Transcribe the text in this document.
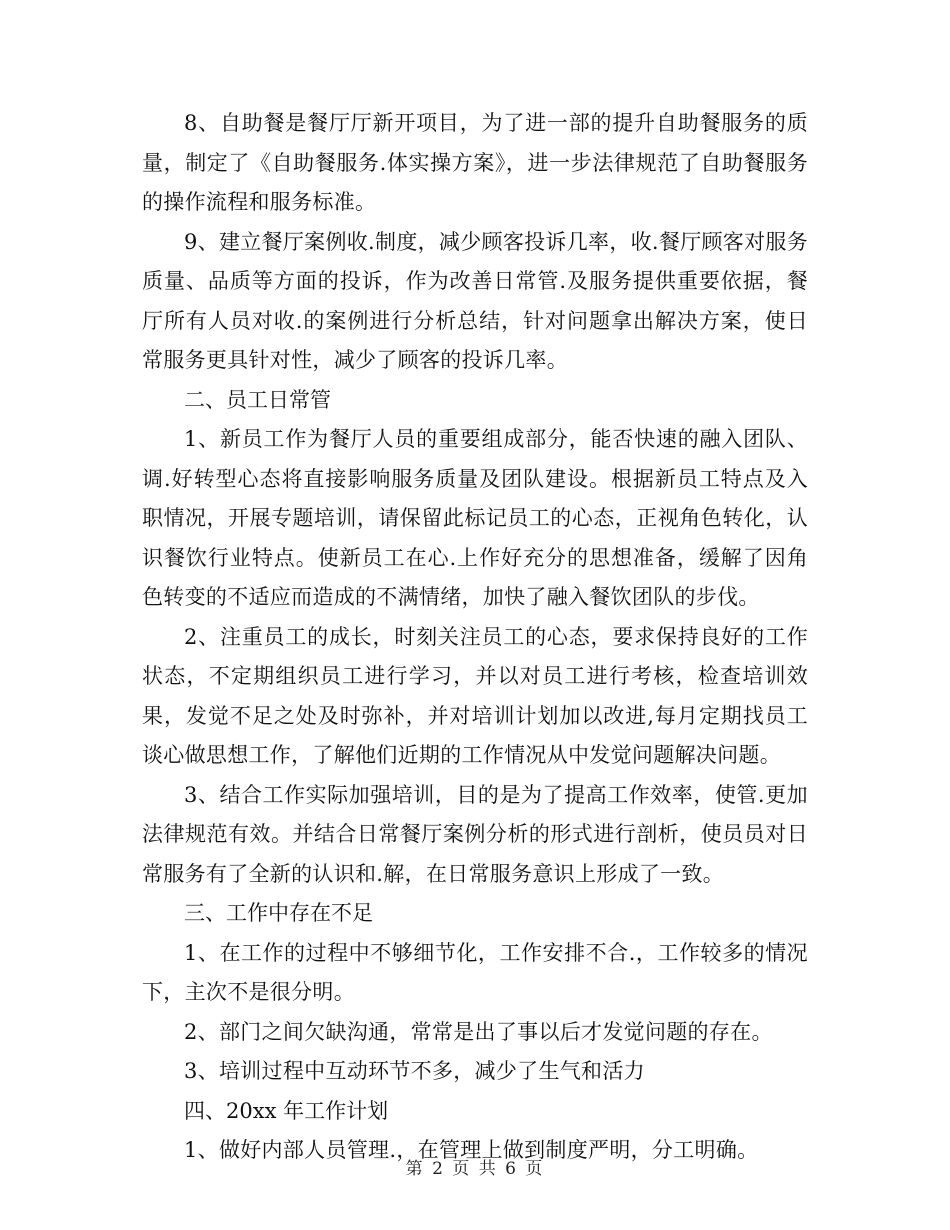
8、自助餐是餐厅厅新开项目，为了进一部的提升自助餐服务的质量，制定了《自助餐服务.体实操方案》，进一步法律规范了自助餐服务的操作流程和服务标准。

9、建立餐厅案例收.制度，减少顾客投诉几率，收.餐厅顾客对服务质量、品质等方面的投诉，作为改善日常管.及服务提供重要依据，餐厅所有人员对收.的案例进行分析总结，针对问题拿出解决方案，使日常服务更具针对性，减少了顾客的投诉几率。

二、员工日常管

1、新员工作为餐厅人员的重要组成部分，能否快速的融入团队、调.好转型心态将直接影响服务质量及团队建设。根据新员工特点及入职情况，开展专题培训，请保留此标记员工的心态，正视角色转化，认识餐饮行业特点。使新员工在心.上作好充分的思想准备，缓解了因角色转变的不适应而造成的不满情绪，加快了融入餐饮团队的步伐。

2、注重员工的成长，时刻关注员工的心态，要求保持良好的工作状态，不定期组织员工进行学习，并以对员工进行考核，检查培训效果，发觉不足之处及时弥补，并对培训计划加以改进,每月定期找员工谈心做思想工作，了解他们近期的工作情况从中发觉问题解决问题。

3、结合工作实际加强培训，目的是为了提高工作效率，使管.更加法律规范有效。并结合日常餐厅案例分析的形式进行剖析，使员员对日常服务有了全新的认识和.解，在日常服务意识上形成了一致。

三、工作中存在不足

1、在工作的过程中不够细节化，工作安排不合.，工作较多的情况下，主次不是很分明。

2、部门之间欠缺沟通，常常是出了事以后才发觉问题的存在。

3、培训过程中互动环节不多，减少了生气和活力

四、20xx 年工作计划

1、做好内部人员管理.，在管理上做到制度严明，分工明确。

第 2 页 共 6 页
